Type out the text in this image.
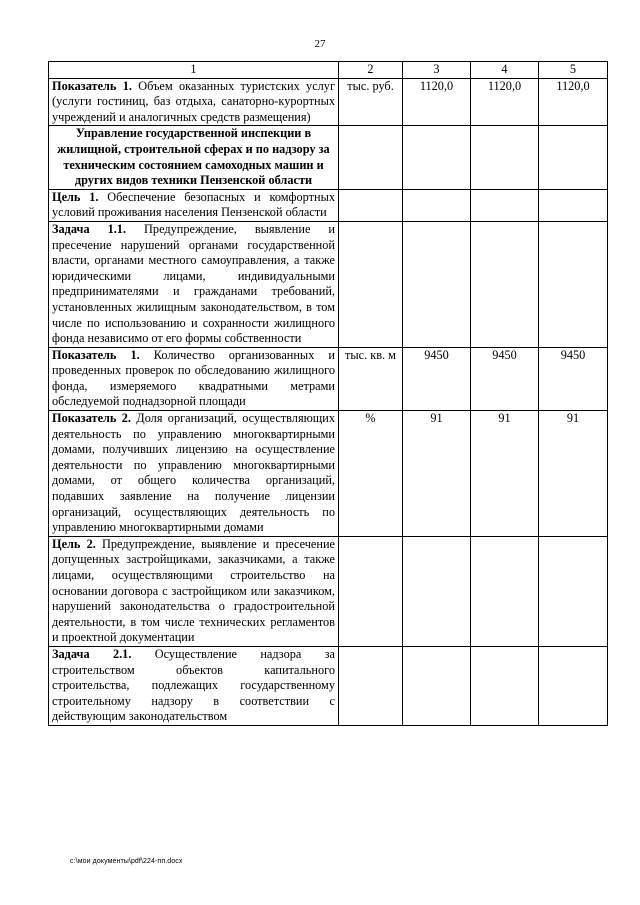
27
1	2	3	4	5
Показатель 1. Объем оказанных туристских услуг (услуги гостиниц, баз отдыха, санаторно-курортных учреждений и аналогичных средств размещения)	тыс. руб.	1120,0	1120,0	1120,0
Управление государственной инспекции в жилищной, строительной сферах и по надзору за техническим состоянием самоходных машин и других видов техники Пензенской области				
Цель 1. Обеспечение безопасных и комфортных условий проживания населения Пензенской области				
Задача 1.1. Предупреждение, выявление и пресечение нарушений органами государственной власти, органами местного самоуправления, а также юридическими лицами, индивидуальными предпринимателями и гражданами требований, установленных жилищным законодательством, в том числе по использованию и сохранности жилищного фонда независимо от его формы собственности				
Показатель 1. Количество организованных и проведенных проверок по обследованию жилищного фонда, измеряемого квадратными метрами обследуемой поднадзорной площади	тыс. кв. м	9450	9450	9450
Показатель 2. Доля организаций, осуществляющих деятельность по управлению многоквартирными домами, получивших лицензию на осуществление деятельности по управлению многоквартирными домами, от общего количества организаций, подавших заявление на получение лицензии организаций, осуществляющих деятельность по управлению многоквартирными домами	%	91	91	91
Цель 2. Предупреждение, выявление и пресечение допущенных застройщиками, заказчиками, а также лицами, осуществляющими строительство на основании договора с застройщиком или заказчиком, нарушений законодательства о градостроительной деятельности, в том числе технических регламентов и проектной документации				
Задача 2.1. Осуществление надзора за строительством объектов капитального строительства, подлежащих государственному строительному надзору в соответствии с действующим законодательством				
c:\мои документы\pdf\224-пп.docx
